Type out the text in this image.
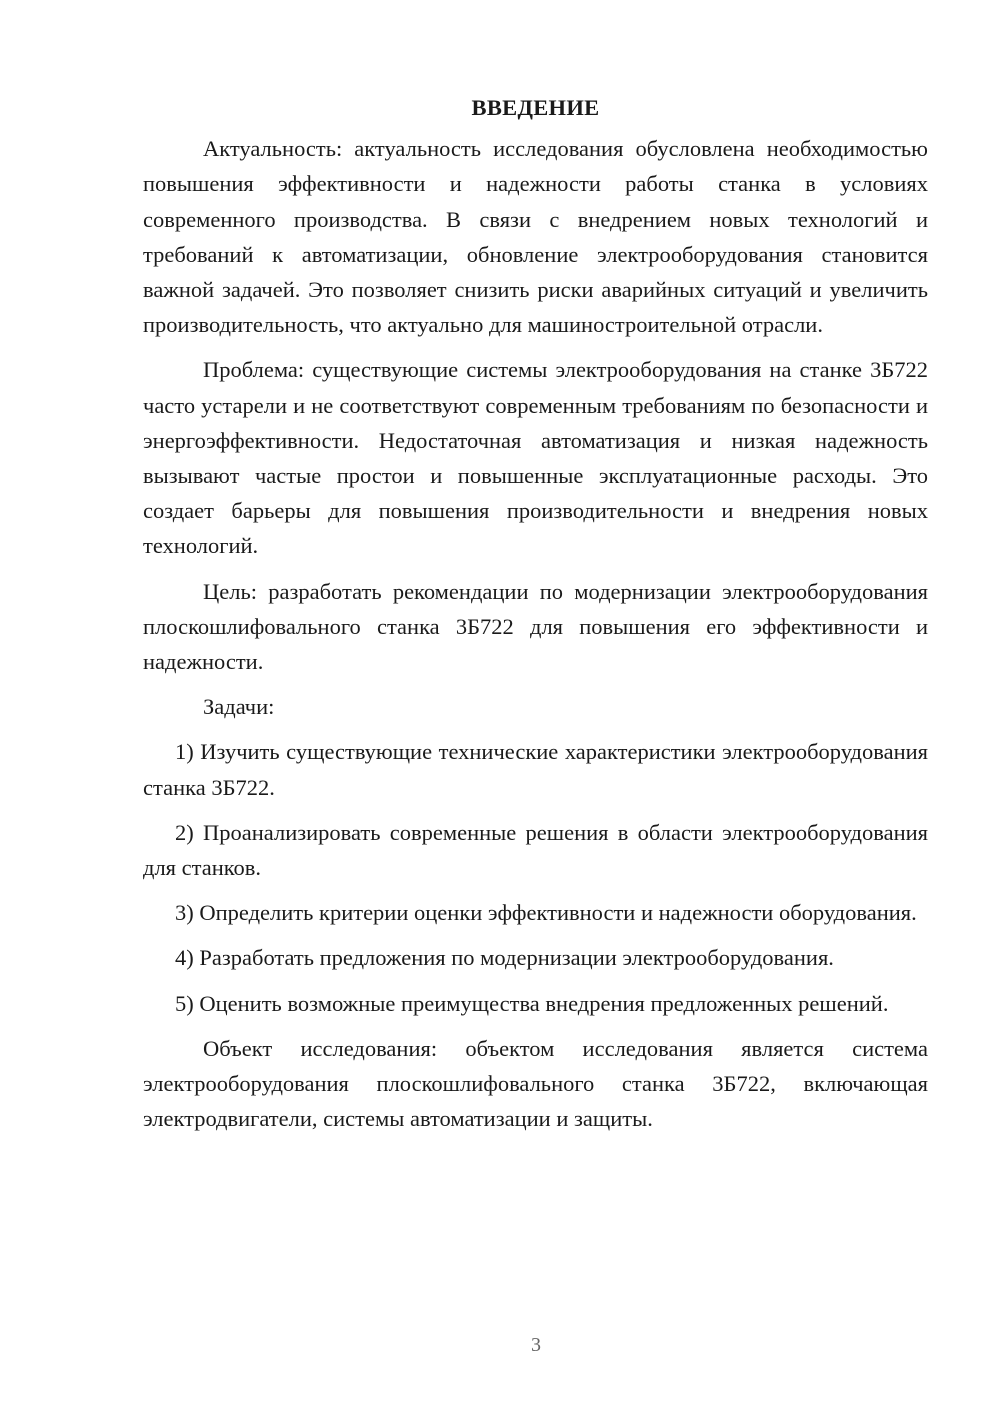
ВВЕДЕНИЕ

Актуальность: актуальность исследования обусловлена необходимостью повышения эффективности и надежности работы станка в условиях современного производства. В связи с внедрением новых технологий и требований к автоматизации, обновление электрооборудования становится важной задачей. Это позволяет снизить риски аварийных ситуаций и увеличить производительность, что актуально для машиностроительной отрасли.

Проблема: существующие системы электрооборудования на станке 3Б722 часто устарели и не соответствуют современным требованиям по безопасности и энергоэффективности. Недостаточная автоматизация и низкая надежность вызывают частые простои и повышенные эксплуатационные расходы. Это создает барьеры для повышения производительности и внедрения новых технологий.

Цель: разработать рекомендации по модернизации электрооборудования плоскошлифовального станка 3Б722 для повышения его эффективности и надежности.

Задачи:

1) Изучить существующие технические характеристики электрооборудования станка 3Б722.

2) Проанализировать современные решения в области электрооборудования для станков.

3) Определить критерии оценки эффективности и надежности оборудования.

4) Разработать предложения по модернизации электрооборудования.

5) Оценить возможные преимущества внедрения предложенных решений.

Объект исследования: объектом исследования является система электрооборудования плоскошлифовального станка 3Б722, включающая электродвигатели, системы автоматизации и защиты.

3
